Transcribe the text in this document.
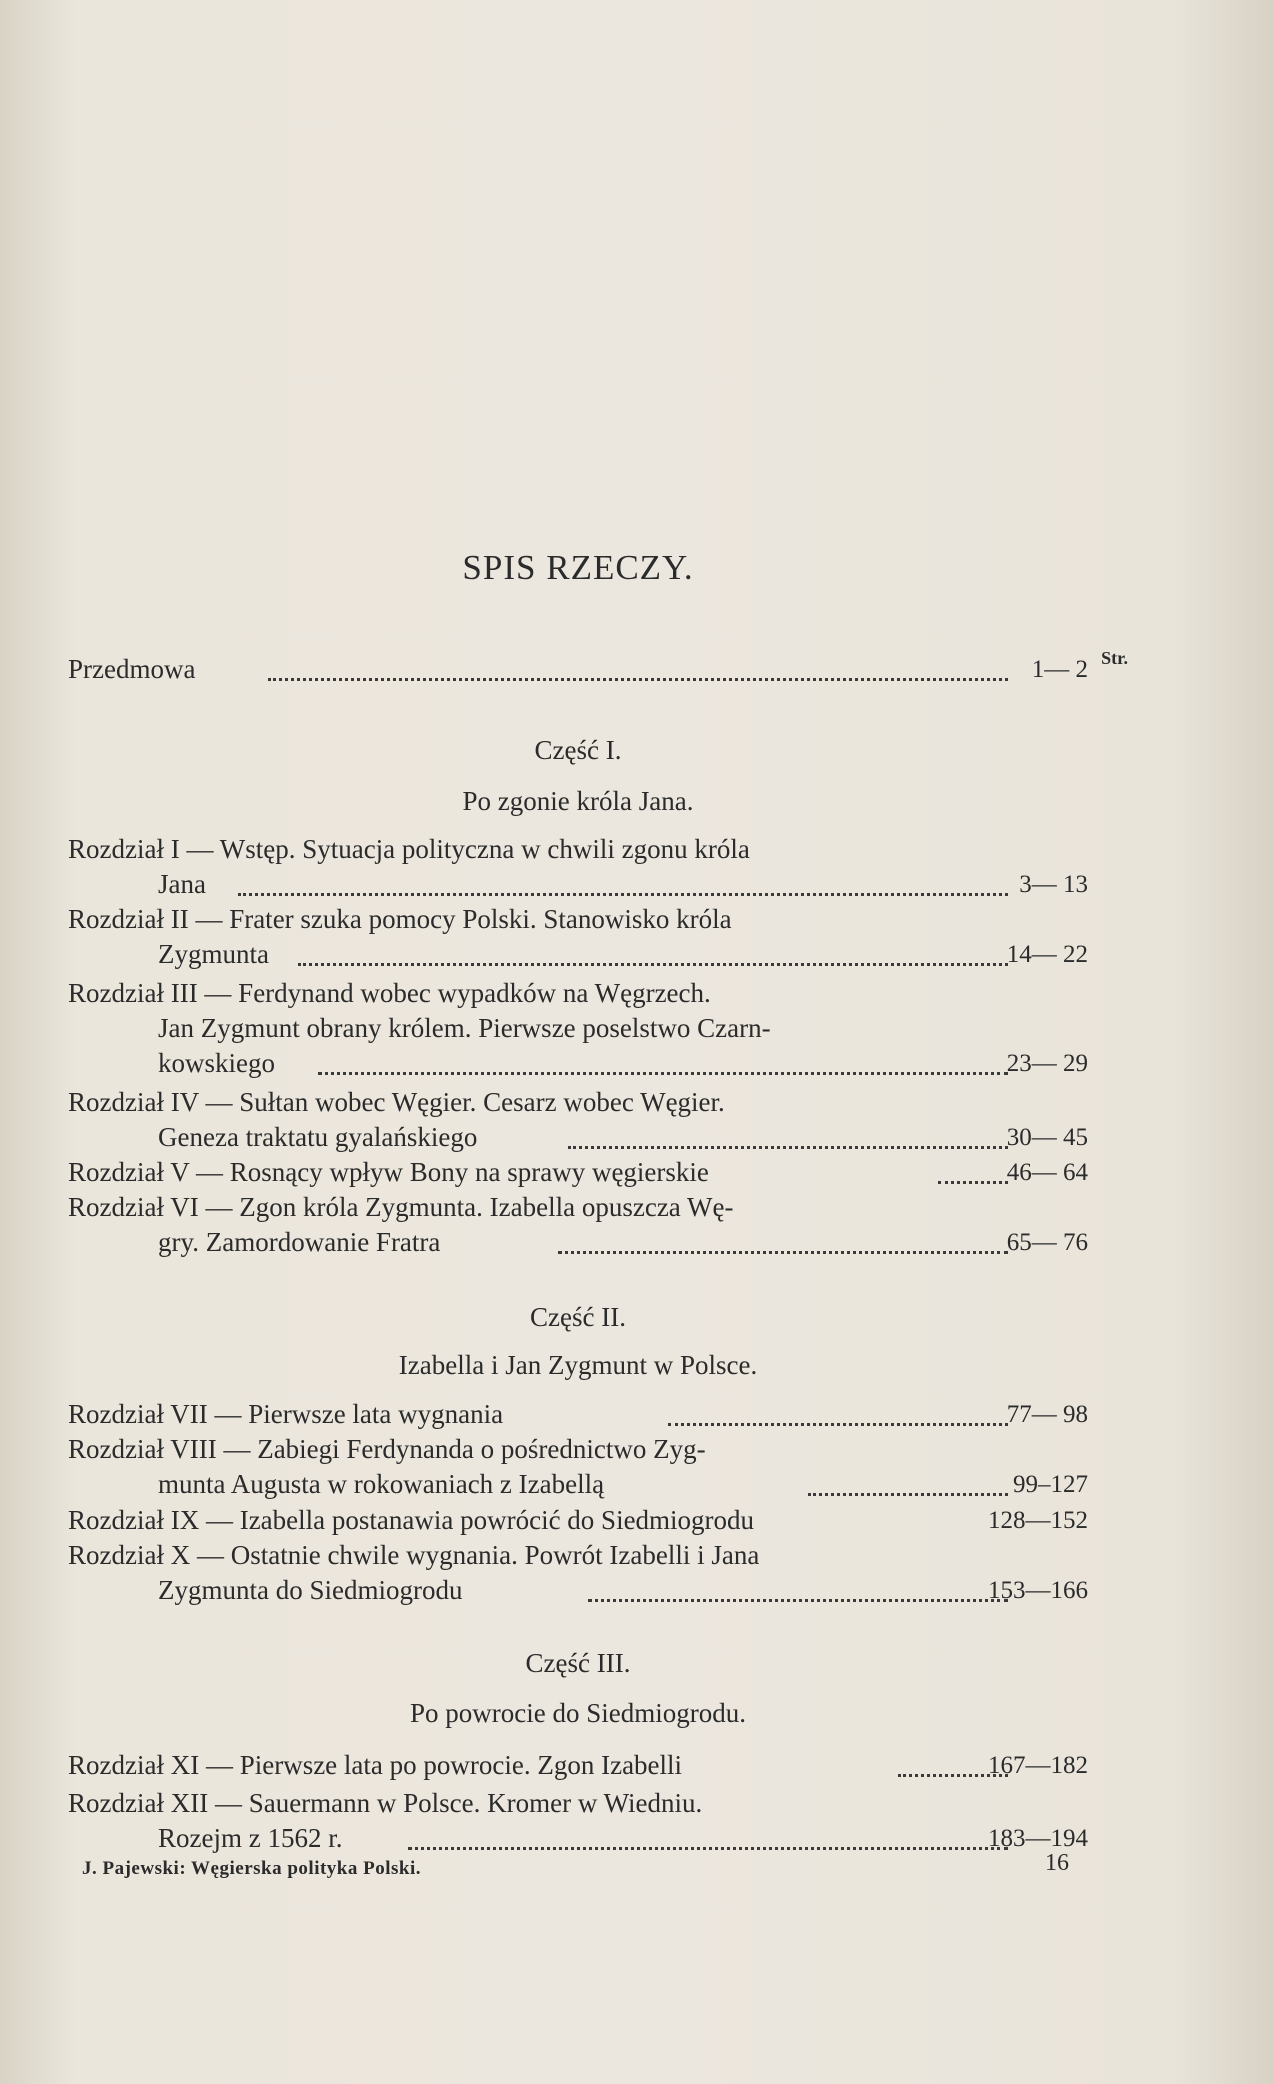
SPIS RZECZY.
Str.
Przedmowa	1— 2
Część I.
Po zgonie króla Jana.
Rozdział I — Wstęp. Sytuacja polityczna w chwili zgonu króla
Jana	3— 13
Rozdział II — Frater szuka pomocy Polski. Stanowisko króla
Zygmunta	14— 22
Rozdział III — Ferdynand wobec wypadków na Węgrzech.
Jan Zygmunt obrany królem. Pierwsze poselstwo Czarn-
kowskiego	23— 29
Rozdział IV — Sułtan wobec Węgier. Cesarz wobec Węgier.
Geneza traktatu gyalańskiego	30— 45
Rozdział V — Rosnący wpływ Bony na sprawy węgierskie	46— 64
Rozdział VI — Zgon króla Zygmunta. Izabella opuszcza Wę-
gry. Zamordowanie Fratra	65— 76
Część II.
Izabella i Jan Zygmunt w Polsce.
Rozdział VII — Pierwsze lata wygnania	77— 98
Rozdział VIII — Zabiegi Ferdynanda o pośrednictwo Zyg-
munta Augusta w rokowaniach z Izabellą	99–127
Rozdział IX — Izabella postanawia powrócić do Siedmiogrodu	128—152
Rozdział X — Ostatnie chwile wygnania. Powrót Izabelli i Jana
Zygmunta do Siedmiogrodu	153—166
Część III.
Po powrocie do Siedmiogrodu.
Rozdział XI — Pierwsze lata po powrocie. Zgon Izabelli	167—182
Rozdział XII — Sauermann w Polsce. Kromer w Wiedniu.
Rozejm z 1562 r.	183—194
J. Pajewski: Węgierska polityka Polski.	16
